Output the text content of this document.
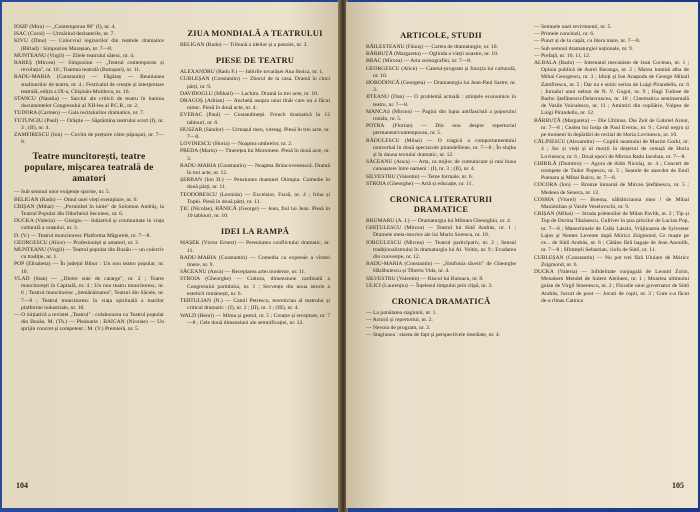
IOSIF (Mira) — „Contemporan 80" (I), nr. 4.

ISAC (Corol) — Urmărind dezbaterile, nr. 7.

KIVU (Dinu) — Colocviul regizorilor din teatrele dramatice (Bîrlad) : Simpozion Mureșian, nr. 7—8.

MUNTEANU (Virgil) — Zilele teatrului sătesc, nr. 4.

RAREȘ (Mircea) — Simpozion — „Teatrul contemporan și revoluția", nr. 10 ; Toamna teatrală (Botoșani), nr. 11.

RADU-MARIA (Constantin) — Făgăraș — Reuniunea studiourilor de teatru, nr. 4 ; Festivalul de creație și interpretare teatrală, ediția a IX-a, Chișinău-Moldova, nr. 10.

STANCU (Natalia) — Sarcini ale criticii de teatru în lumina documentelor Congresului al XII-lea al P.C.R., nr. 2.

TUDORA (Carmen) — Gala recitalurilor dramatice, nr. 7.

TUTUNGIU (Paul) — Orăștie — Săptămîna teatrului scurt (I), nr. 3 ; (II), nr. 4.

ZAMFIRESCU (Ion) — Cuvînt de prețuire către păpușari, nr. 7—8.

Teatre muncitorești, teatre populare, mișcarea teatrală de amatori

— Sub semnul unor exigențe sporite, nr. 5.

BELIGAN (Radu) — Omul unei vieți exemplare, nr. 6.

CRIȘAN (Mihai) — „Porumbel în iunie" de Solomon Andrăș, la Teatrul Popular din Odorheiul Secuiesc, nr. 6.

DUCKA (Valeria) — Giurgiu — Inițiativă și continuitate în viața culturală a orașului, nr. 3.

D. (V.) — Teatrul muncitoresc Platforma Măgurele, nr. 7—8.

GEORGESCU (Alice) — Profesioniști și amatori, nr. 3.

MUNTEANU (Virgil) — Teatrul popular din Buzău — un colectiv cu tradiție, nr. 1.

POP (Elisabeta) — În județul Bihor : Un nou teatru popular, nr. 10.

VLAD (Stan) — „Dintre sute de catarge", nr. 2 ; Teatre muncitorești în Capitală, nr. 4 ; Un nou teatru muncitoresc, nr. 6 ; Teatrul muncitoresc „Semănătoarea", Teatrul din Săcele, nr. 7—8 ; Teatrul muncitoresc în viața spirituală a marilor platforme industriale, nr. 10.

— O inițiativă a revistei „Teatrul" : colaborarea cu Teatrul popular din Buzău. M. (Th.) — Pledoarie ; BAICAN (Nicolae) — Un sprijin concret și competent ; M. (V.) Premieră, nr. 5.

ZIUA MONDIALĂ A TEATRULUI

BELIGAN (Radu) — Tribună a ideilor și a poeziei, nr. 3.

PIESE DE TEATRU

ALEXANDRU (Radu F.) — Iubirile tovarășei Ana Stoica, nr. 1.

CUBLEȘAN (Constantin) — Zborul de la casa. Dramă în cinci părți, nr. 9.

DAVIDOGLU (Mihail) — Lachim. Dramă în trei acte, nr. 10.

DRAGOȘ (Adrian) — Anchetă asupra unui tînăr care nu a făcut nimic. Piesă în două acte, nr. 4.

EVERAC (Paul) — Costandinești. Freuch dramatică în 12 tablouri, nr. 6.

HUSZAR (Sándor) — Urmașul meu, vitreag. Piesă în trei acte, nr. 7—8.

LOVINESCU (Horia) — Noaptea umbrelor, nr. 2.

PREDA (Marin) — Tinerețea lui Moromete. Piesă în două acte, nr. 3.

RADU-MARIA (Constantin) — Noaptea Brâncovenească. Dramă în trei acte, nr. 12.

ȘERBAN (Ion D.) — Pensiunea doamnei Olimpia. Comedie în două părți, nr. 11.

TEODORESCU (Leonida) — Excelsior, Farsă, nr. 4 ; Irina și Topki. Piesă în două părți, nr. 11.

ȚIC (Nicolae), BĂNICĂ (George) — Jean, fiul lui Jean. Piesă în 10 tablouri, nr. 10.

IDEI LA RAMPĂ

MAȘEK (Victor Ernest) — Perenitatea conflictului dramatic, nr. 11.

RADU-MARIA (Constantin) — Comedia ca expresie a vîrstei tinere, nr. 9.

SĂCEANU (Anca) — Receptarea artei moderne, nr. 11.

STROIA (Gheorghe) — Cultura, dimensiune cardinală a Congresului partidului, nr. 1 ; Secvențe din noua istorie a esteticii românești, nr. 6.

TERTULIAN (N.) — Camil Petrescu, teoretician al teatrului și criticul dramatic : (I), nr. 2 ; (II), nr. 3 ; (III), nr. 4.

WALD (Henri) — Mima și gestul, nr. 5 ; Creație și receptare, nr. 7—8 ; Cele două dimensiuni ale semnificației, nr. 12.

104
ARTICOLE, STUDII

BĂILESTEANU (Fănuș) — Cartea de dramaturgie, nr. 10.

BĂRBUȚĂ (Margareta) — Oglinda a vieții noastre, nr. 10.

BRAC (Mircea) — Arta scenografiei, nr. 7—8.

GEORGESCU (Alice) — Caietul-program și funcția lui culturală, nr. 10.

HORODINCĂ (Georgeta) — Dramaturgia lui Jean-Paul Sartre, nr. 3.

JITEANU (Dan) — O problemă actuală : științele economice în teatru, nr. 7—8.

MANCAȘ (Mircea) — Pagini din lupta antifascistă a poporului român, nr. 5.

POTRA (Florian) — Din nou despre repertoriul permanent/contemporan, nr. 5.

RĂDULESCU (Mihai) — O tragică a comportamentului nonverbal în două spectacole pirandelliene, nr. 7—8 ; În slujba și în dauna textului dramatic, nr. 12.

SĂCEANU (Anca) — Arta, ca mijloc de comunicare și mai buna cunoaștere între oameni : (I), nr. 3 ; (II), nr. 4.

SILVESTRU (Valentin) — Teme formale, nr. 6.

STROIA (Gheorghe) — Artă și educație, nr. 11.

CRONICA LITERATURII DRAMATICE

BRUMARU (A. I.) — Dramaturgia lui Mihnea Gheorghiu, nr. 4.

GHIȚULESCU (Mircea) — Teatrul lui Sütő András, nr. 1 ; Dramele meta-istorice ale lui Marin Sorescu, nr. 10.

IORGULESCU (Mircea) — Teatrul participativ, nr. 2 ; Sensul tradiționalismului în dramaturgia lui Al. Voitin, nr. 9 ; Evadarea din convenție, nr. 12.

RADU-MARIA (Constantin) — „Simfonia tăcerii" de Gheorghe Hărăbulescu și Tiberiu Vida, nr. 4.

SILVESTRU (Valentin) — Riscul lui Bumacu, nr. 8.

ULICI (Laurențiu) — Înțelesul timpului prin clipă, nr. 3.

CRONICA DRAMATICĂ

— La jumătatea stagiunii, nr. 1.

— Actorii și repertoriul, nr. 2.

— Nevoia de program, nr. 3.

— Stagiunea : starea de fapt și perspectivele imediate, nr. 4.

— Semnele unei revirimenti, nr. 5.

— Primele concluzii, nr. 6.

— Punct și de la capăt, cu litera mare, nr. 7—8.

— Sub semnul dramaturgiei naționale, nr. 9.

— Prefață, nr. 10, 11, 12.

ALBALA (Radu) — Internatul mecanism de Jean Cocteau, nr. 1 ; Opinia publică de Aurel Baranga, nr. 2 ; Marea lumină alba de Mihai Georgescu, nr. 3 ; Idioți și Ion Anapoda de George Mihail Zamfirescu, nr. 5 ; Dar nu e simic serios de Luigi Pirandello, nr. 6 ; Jurnalul unui nebun de N. V. Gogol, nr. 9 ; Hagi Tudose de Barbu Ștefănescu-Delavrancea, nr. 10 ; Cinematica sentimentală de Vasile Voiculescu, nr. 11 ; Amintiri din copilărie, Vulpea de Luigi Pirandello, nr. 12.

BĂRBUȚĂ (Margareta) — Die Ultimas. Die Zeit de Gabriel Arout, nr. 7—8 ; Cealea lui Iosip de Paul Everac, nr. 9 ; Cerul negru și pe moment în depărtări de recital de Horia Lovinescu, nr. 10.

CĂLINESCU (Alexandru) — Copilii neamului de Maxim Gorki, nr. 4 ; Joc și vieți și al morții în deșertul de cenușă de Horia Lovinescu, nr. 6 ; Două epoci de Mircea Radu Iacoban, nr. 7—8.

CHIRILĂ (Dumitru) — Agora de Aldo Nicolaj, nr. 4 ; Concert de trompete de Tudor Popescu, nr. 5 ; Searele de anecdot de Emil Poenaru și Mihai Raicu, nr. 7—8.

COCORA (Ion) — Bronze întoarsă de Mircea Ștefănescu, nr. 5 ; Medeea de Seneca, nr. 12.

COSMA (Viorel) — Boema, sălbăticianna mea ! de Mihai Maximilian și Vasile Veselovschi, nr. 9.

CRIȘAN (Mihai) — Strada prietenilor de Milan Pavlík, nr. 2 ; Tip și Top de Dorina Tănăsescu, Gulliver în țara piticilor de Lucian Pop, nr. 7—8 ; Manechinele de Csiki László, Vrăjitoarea de Sylvester Lajos și Nemes Levente după Móricz Zsigmond, Ce maște pe ce... de Sütő András, nr. 6 ; Cătăne fără bagaje de Jean Anouilh, nr. 7—8 ; Sfinteștii Sebastian, ciofu de Sütő, nr. 11.

CUBLEȘAN (Constantin) — Nu pot trei fără Ululare de Móricz Zsigmond, nr. 6.

DUCKA (Valeria) — Infidelitate conjugală de Leonid Zorin, Menahem Mendel de Sulem Aleihem, nr. 1 ; Moartea ultimului golan de Virgil Stoenescu, nr. 2 ; Floralie unui guvernator de Sütő András, Jocurt de poot — Jocuri de copii, nr. 3 ; Cum s-a făcut de-a rîmas Catinca

105
